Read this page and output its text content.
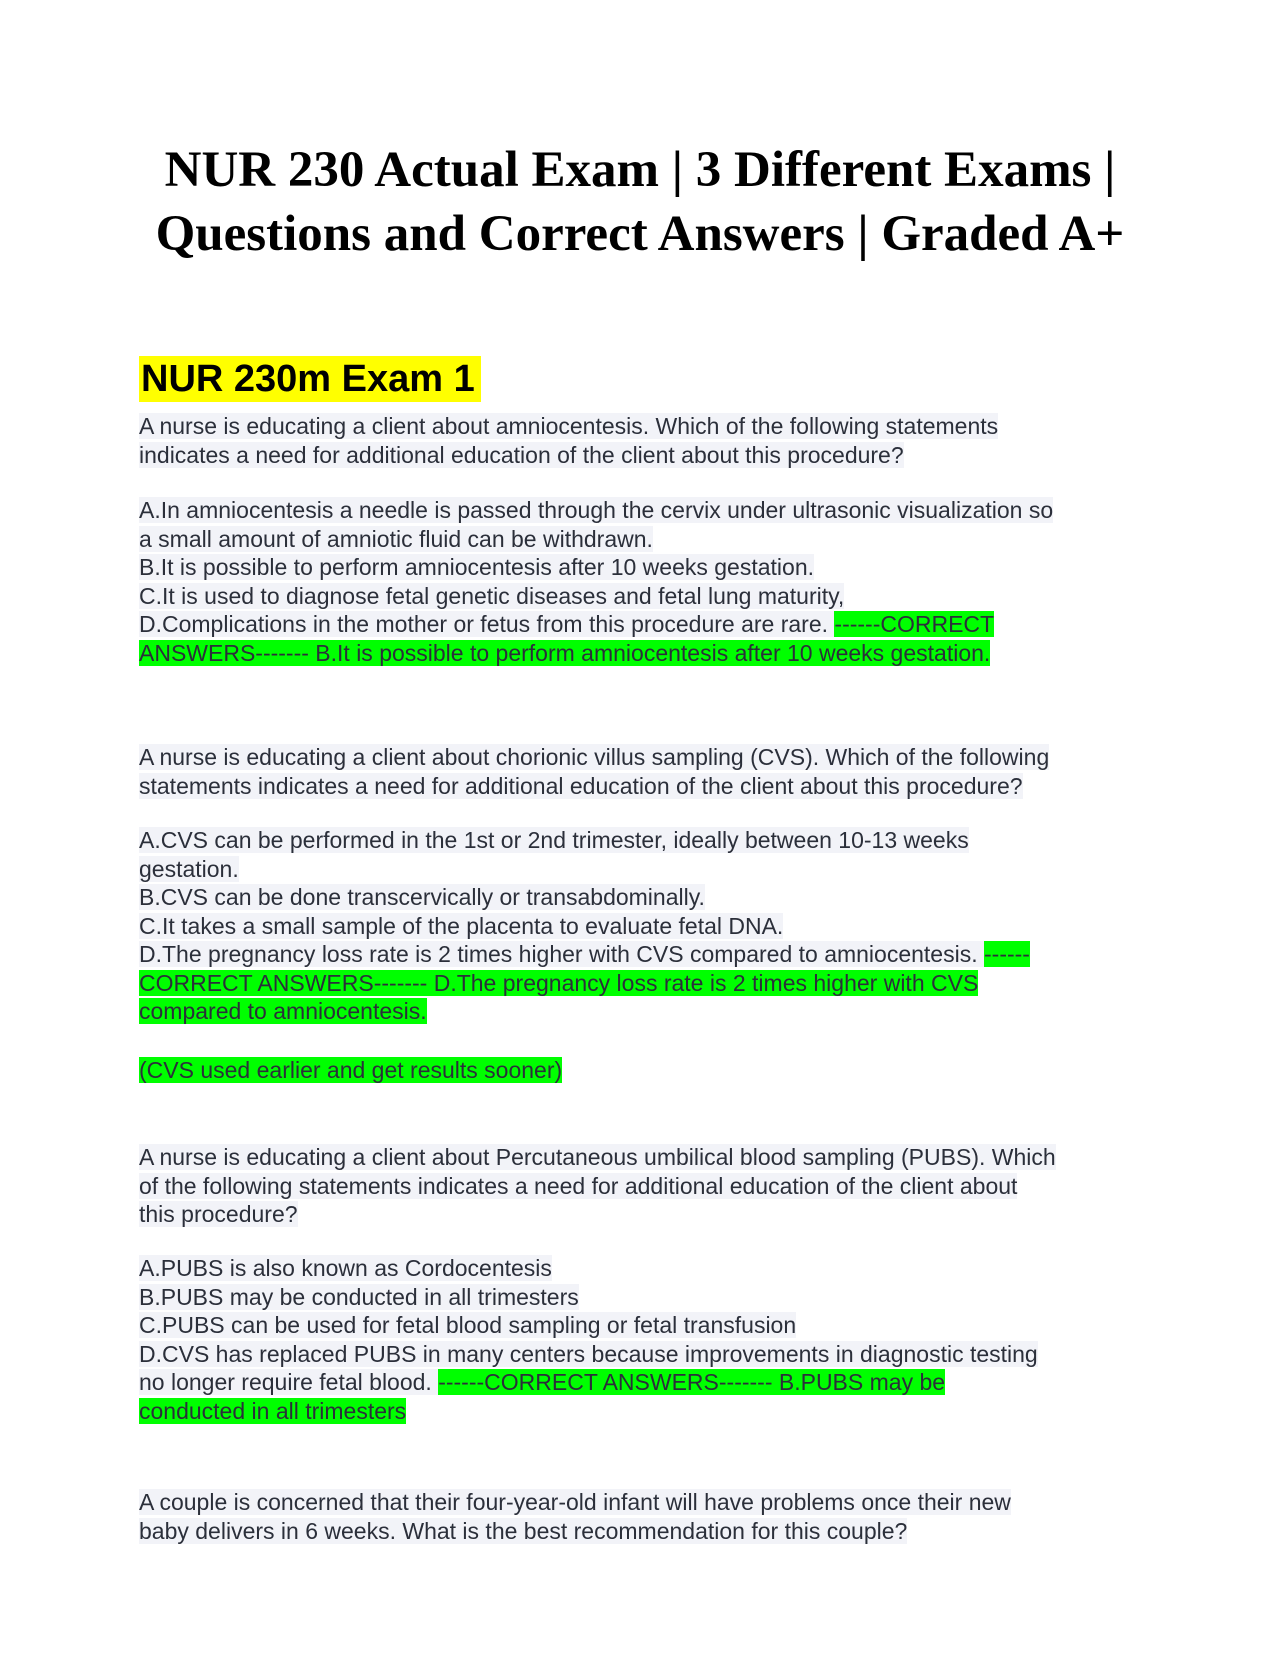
NUR 230 Actual Exam | 3 Different Exams | Questions and Correct Answers | Graded A+
NUR 230m Exam 1
A nurse is educating a client about amniocentesis. Which of the following statements
indicates a need for additional education of the client about this procedure?
A.In amniocentesis a needle is passed through the cervix under ultrasonic visualization so
a small amount of amniotic fluid can be withdrawn.
B.It is possible to perform amniocentesis after 10 weeks gestation.
C.It is used to diagnose fetal genetic diseases and fetal lung maturity,
D.Complications in the mother or fetus from this procedure are rare. ------CORRECT
ANSWERS------- B.It is possible to perform amniocentesis after 10 weeks gestation.
A nurse is educating a client about chorionic villus sampling (CVS). Which of the following
statements indicates a need for additional education of the client about this procedure?
A.CVS can be performed in the 1st or 2nd trimester, ideally between 10-13 weeks
gestation.
B.CVS can be done transcervically or transabdominally.
C.It takes a small sample of the placenta to evaluate fetal DNA.
D.The pregnancy loss rate is 2 times higher with CVS compared to amniocentesis. ------
CORRECT ANSWERS------- D.The pregnancy loss rate is 2 times higher with CVS
compared to amniocentesis.
(CVS used earlier and get results sooner)
A nurse is educating a client about Percutaneous umbilical blood sampling (PUBS). Which
of the following statements indicates a need for additional education of the client about
this procedure?
A.PUBS is also known as Cordocentesis
B.PUBS may be conducted in all trimesters
C.PUBS can be used for fetal blood sampling or fetal transfusion
D.CVS has replaced PUBS in many centers because improvements in diagnostic testing
no longer require fetal blood. ------CORRECT ANSWERS------- B.PUBS may be
conducted in all trimesters
A couple is concerned that their four-year-old infant will have problems once their new
baby delivers in 6 weeks. What is the best recommendation for this couple?
